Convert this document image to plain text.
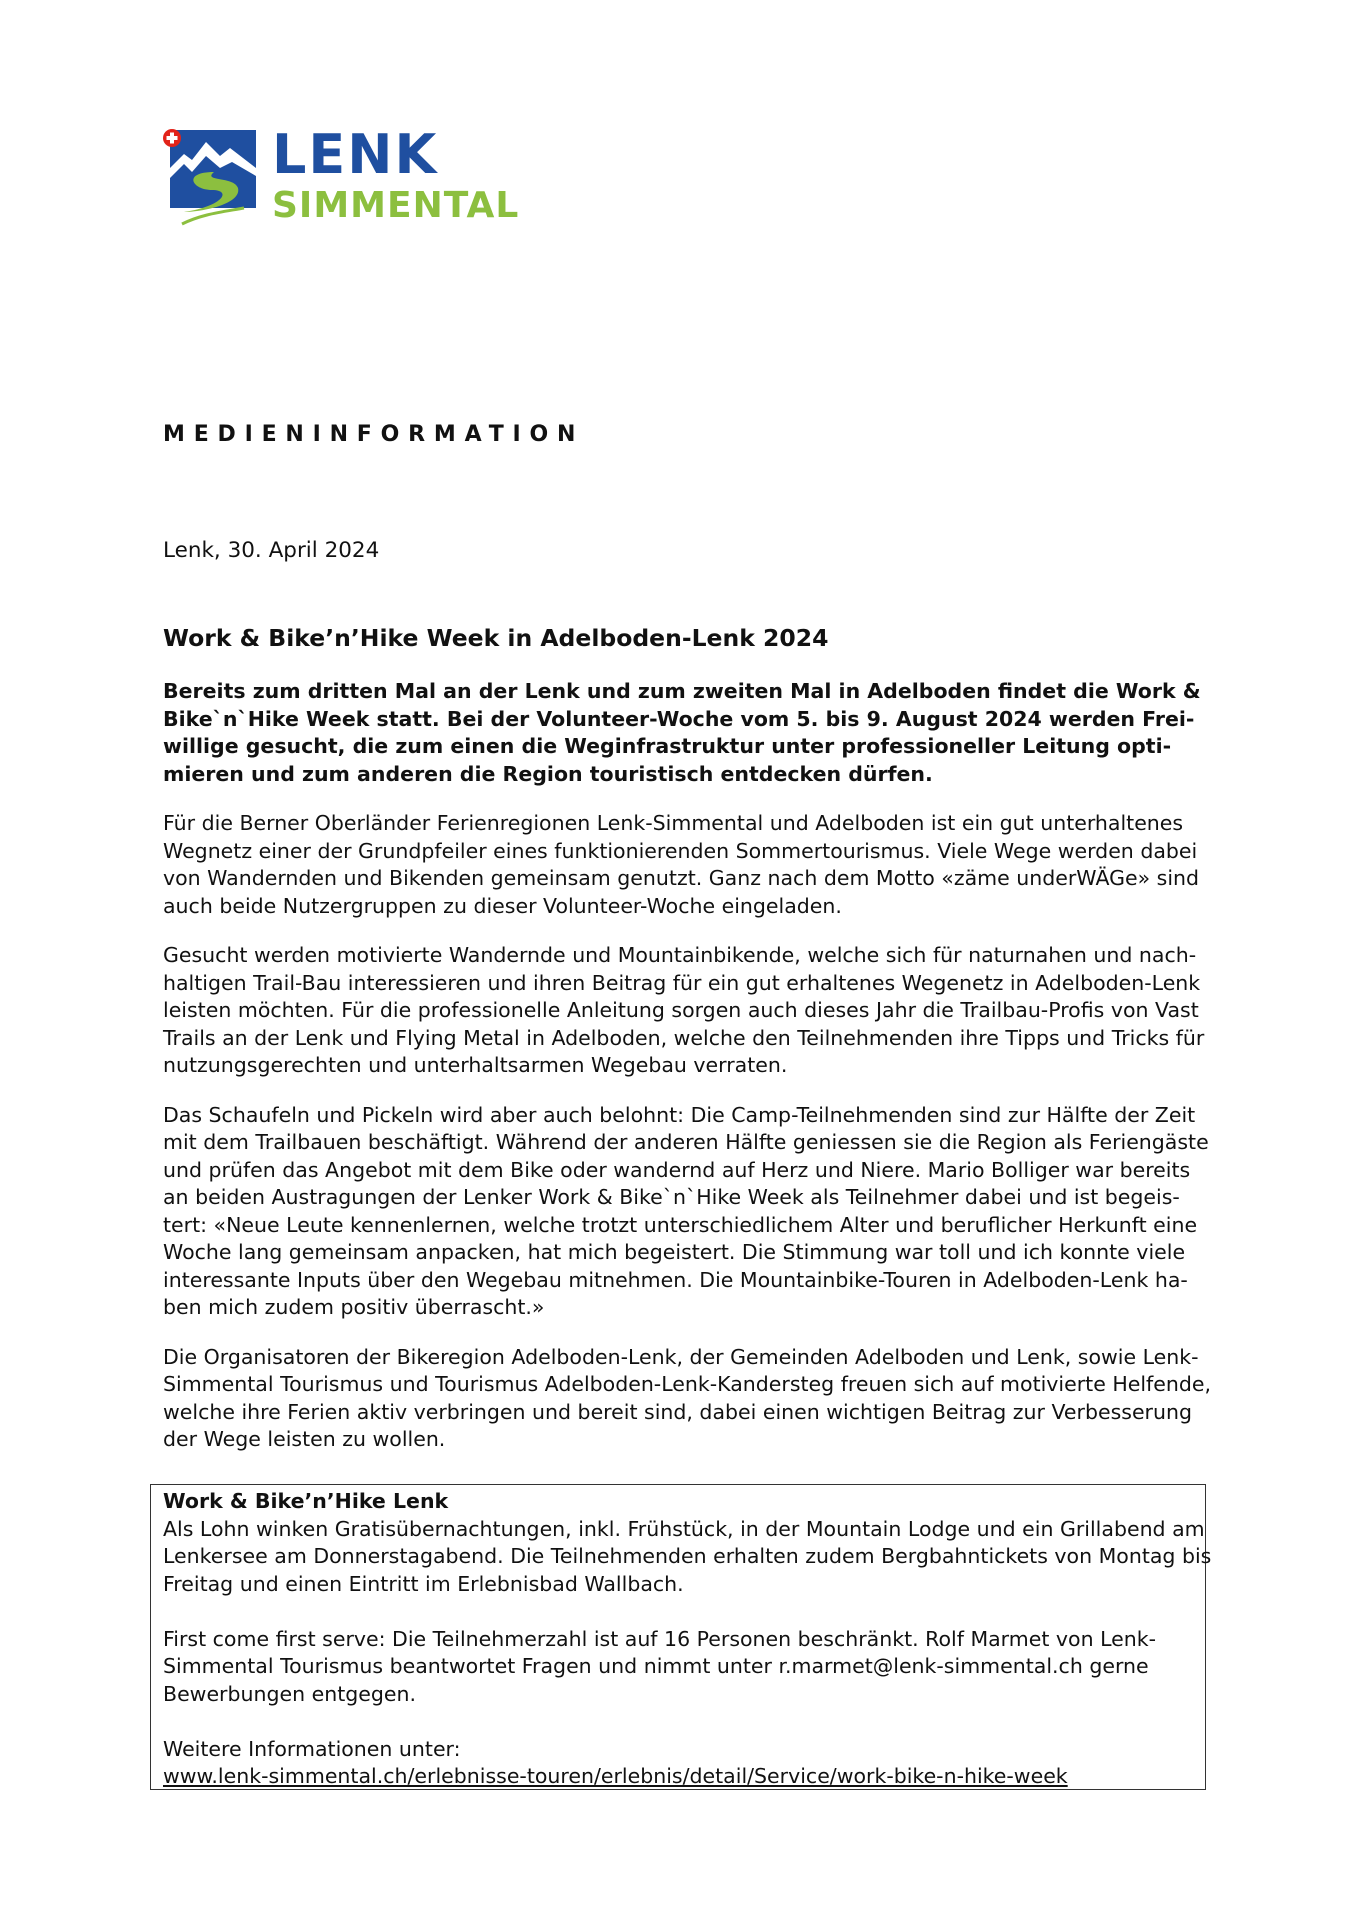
LENK
SIMMENTAL
MEDIENINFORMATION
Lenk, 30. April 2024
Work & Bike’n’Hike Week in Adelboden-Lenk 2024
Bereits zum dritten Mal an der Lenk und zum zweiten Mal in Adelboden findet die Work &
Bike`n`Hike Week statt. Bei der Volunteer-Woche vom 5. bis 9. August 2024 werden Frei-
willige gesucht, die zum einen die Weginfrastruktur unter professioneller Leitung opti-
mieren und zum anderen die Region touristisch entdecken dürfen.

Für die Berner Oberländer Ferienregionen Lenk-Simmental und Adelboden ist ein gut unterhaltenes
Wegnetz einer der Grundpfeiler eines funktionierenden Sommertourismus. Viele Wege werden dabei
von Wandernden und Bikenden gemeinsam genutzt. Ganz nach dem Motto «zäme underWÄGe» sind
auch beide Nutzergruppen zu dieser Volunteer-Woche eingeladen.

Gesucht werden motivierte Wandernde und Mountainbikende, welche sich für naturnahen und nach-
haltigen Trail-Bau interessieren und ihren Beitrag für ein gut erhaltenes Wegenetz in Adelboden-Lenk
leisten möchten. Für die professionelle Anleitung sorgen auch dieses Jahr die Trailbau-Profis von Vast
Trails an der Lenk und Flying Metal in Adelboden, welche den Teilnehmenden ihre Tipps und Tricks für
nutzungsgerechten und unterhaltsarmen Wegebau verraten.

Das Schaufeln und Pickeln wird aber auch belohnt: Die Camp-Teilnehmenden sind zur Hälfte der Zeit
mit dem Trailbauen beschäftigt. Während der anderen Hälfte geniessen sie die Region als Feriengäste
und prüfen das Angebot mit dem Bike oder wandernd auf Herz und Niere. Mario Bolliger war bereits
an beiden Austragungen der Lenker Work & Bike`n`Hike Week als Teilnehmer dabei und ist begeis-
tert: «Neue Leute kennenlernen, welche trotzt unterschiedlichem Alter und beruflicher Herkunft eine
Woche lang gemeinsam anpacken, hat mich begeistert. Die Stimmung war toll und ich konnte viele
interessante Inputs über den Wegebau mitnehmen. Die Mountainbike-Touren in Adelboden-Lenk ha-
ben mich zudem positiv überrascht.»

Die Organisatoren der Bikeregion Adelboden-Lenk, der Gemeinden Adelboden und Lenk, sowie Lenk-
Simmental Tourismus und Tourismus Adelboden-Lenk-Kandersteg freuen sich auf motivierte Helfende,
welche ihre Ferien aktiv verbringen und bereit sind, dabei einen wichtigen Beitrag zur Verbesserung
der Wege leisten zu wollen.

Work & Bike’n’Hike Lenk

Als Lohn winken Gratisübernachtungen, inkl. Frühstück, in der Mountain Lodge und ein Grillabend am
Lenkersee am Donnerstagabend. Die Teilnehmenden erhalten zudem Bergbahntickets von Montag bis
Freitag und einen Eintritt im Erlebnisbad Wallbach.

First come first serve: Die Teilnehmerzahl ist auf 16 Personen beschränkt. Rolf Marmet von Lenk-
Simmental Tourismus beantwortet Fragen und nimmt unter r.marmet@lenk-simmental.ch gerne
Bewerbungen entgegen.

Weitere Informationen unter:
www.lenk-simmental.ch/erlebnisse-touren/erlebnis/detail/Service/work-bike-n-hike-week
